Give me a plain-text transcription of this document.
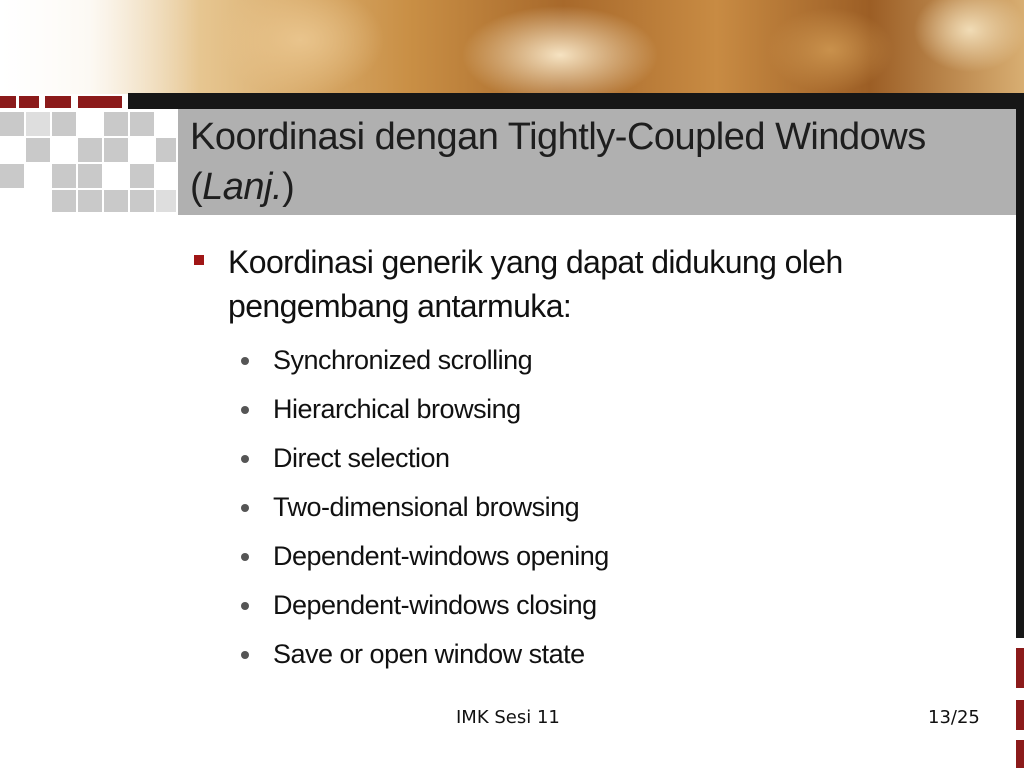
Koordinasi dengan Tightly-Coupled Windows
(Lanj.)
Koordinasi generik yang dapat didukung oleh
pengembang antarmuka:
Synchronized scrolling
Hierarchical browsing
Direct selection
Two-dimensional browsing
Dependent-windows opening
Dependent-windows closing
Save or open window state
IMK Sesi 11	13/25
